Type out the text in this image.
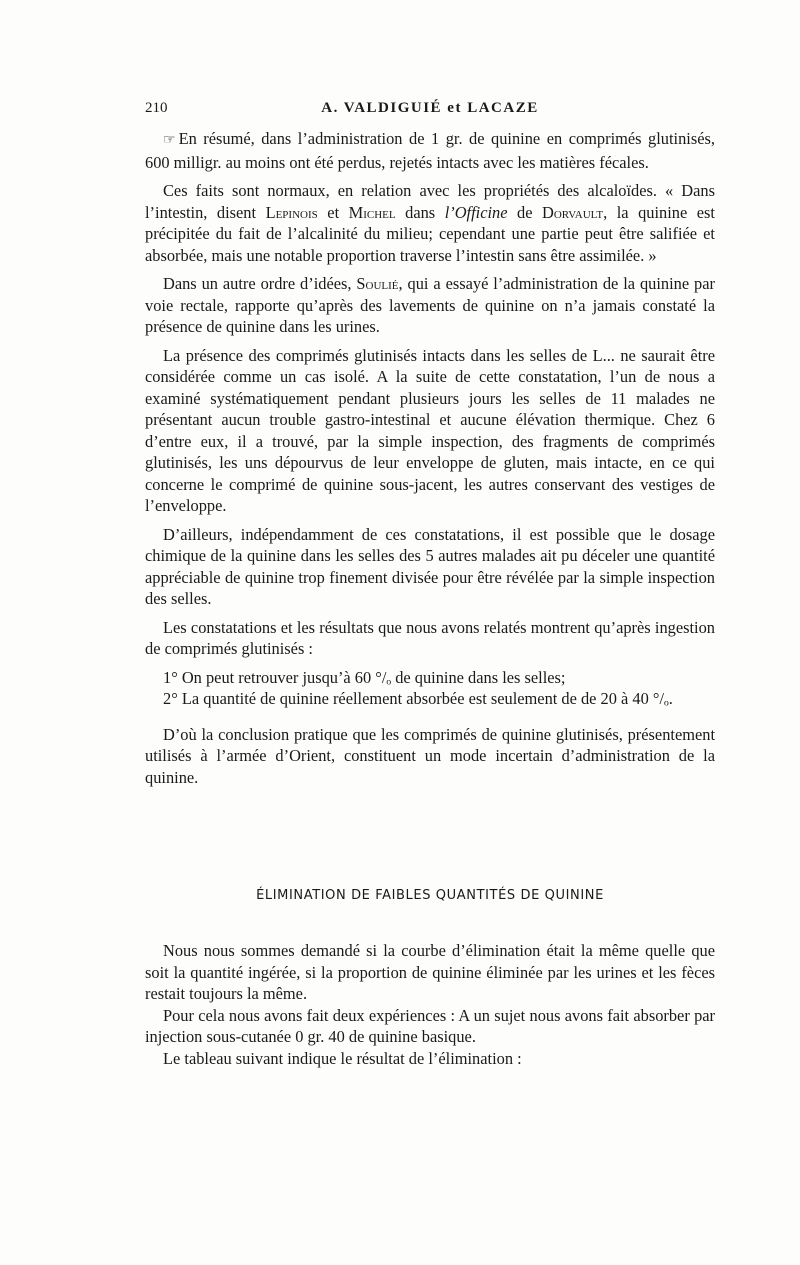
210	A. VALDIGUIÉ et LACAZE

☞ En résumé, dans l’administration de 1 gr. de quinine en comprimés glutinisés, 600 milligr. au moins ont été perdus, rejetés intacts avec les matières fécales.

Ces faits sont normaux, en relation avec les propriétés des alcaloïdes. « Dans l’intestin, disent Lepinois et Michel dans l’Officine de Dorvault, la quinine est précipitée du fait de l’alcalinité du milieu; cependant une partie peut être salifiée et absorbée, mais une notable proportion traverse l’intestin sans être assimilée. »

Dans un autre ordre d’idées, Soulié, qui a essayé l’administration de la quinine par voie rectale, rapporte qu’après des lavements de quinine on n’a jamais constaté la présence de quinine dans les urines.

La présence des comprimés glutinisés intacts dans les selles de L... ne saurait être considérée comme un cas isolé. A la suite de cette constatation, l’un de nous a examiné systématiquement pendant plusieurs jours les selles de 11 malades ne présentant aucun trouble gastro-intestinal et aucune élévation thermique. Chez 6 d’entre eux, il a trouvé, par la simple inspection, des fragments de comprimés glutinisés, les uns dépourvus de leur enveloppe de gluten, mais intacte, en ce qui concerne le comprimé de quinine sous-jacent, les autres conservant des vestiges de l’enveloppe.

D’ailleurs, indépendamment de ces constatations, il est possible que le dosage chimique de la quinine dans les selles des 5 autres malades ait pu déceler une quantité appréciable de quinine trop finement divisée pour être révélée par la simple inspection des selles.

Les constatations et les résultats que nous avons relatés montrent qu’après ingestion de comprimés glutinisés :

1° On peut retrouver jusqu’à 60 °/ₒ de quinine dans les selles;

2° La quantité de quinine réellement absorbée est seulement de de 20 à 40 °/ₒ.

D’où la conclusion pratique que les comprimés de quinine glutinisés, présentement utilisés à l’armée d’Orient, constituent un mode incertain d’administration de la quinine.

ÉLIMINATION DE FAIBLES QUANTITÉS DE QUININE

Nous nous sommes demandé si la courbe d’élimination était la même quelle que soit la quantité ingérée, si la proportion de quinine éliminée par les urines et les fèces restait toujours la même.

Pour cela nous avons fait deux expériences : A un sujet nous avons fait absorber par injection sous-cutanée 0 gr. 40 de quinine basique.

Le tableau suivant indique le résultat de l’élimination :
